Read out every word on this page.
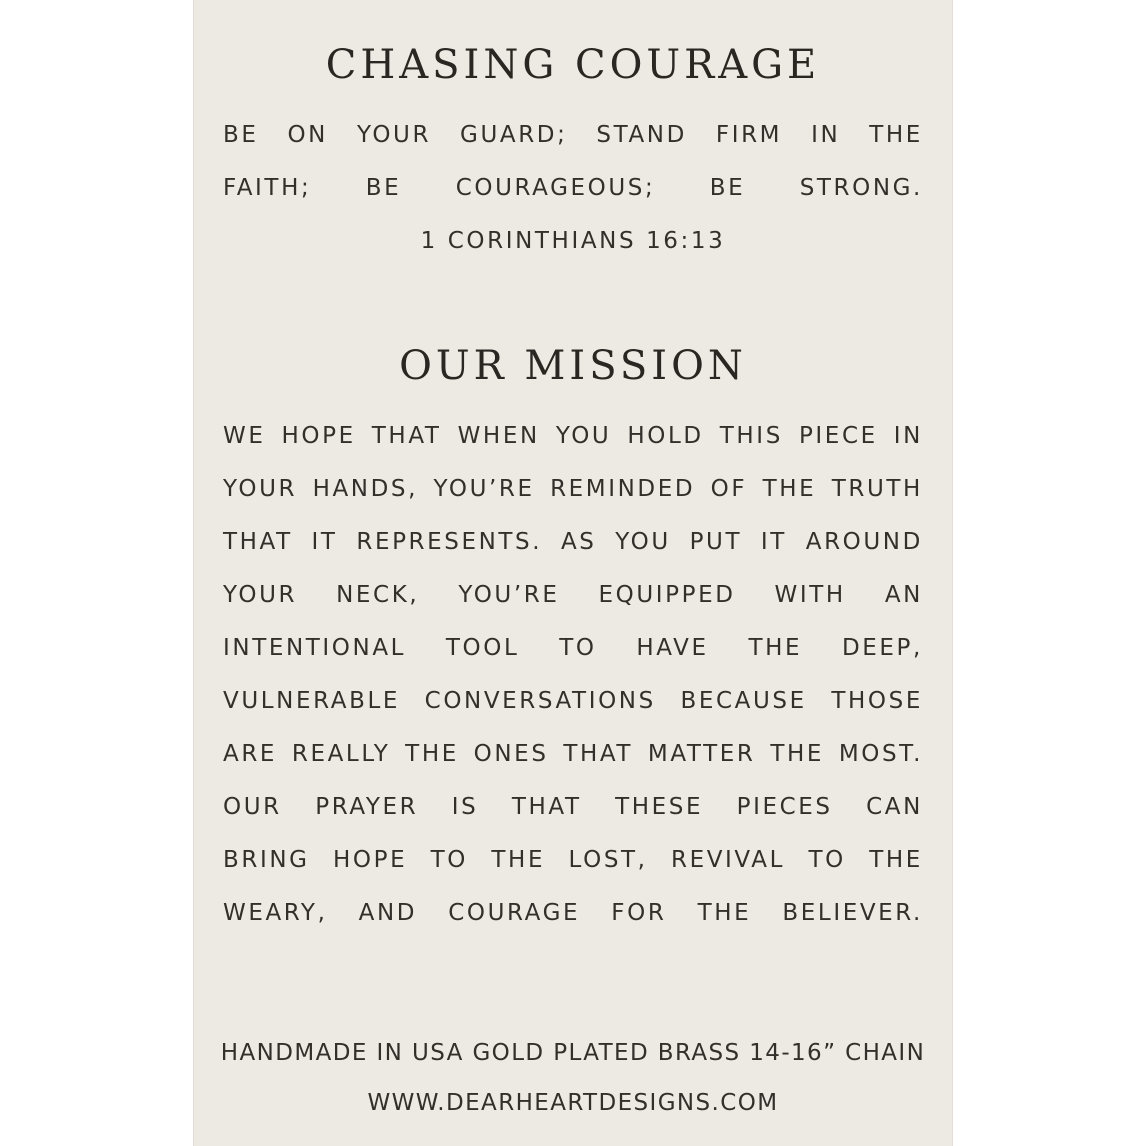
CHASING COURAGE
BE ON YOUR GUARD; STAND FIRM IN THE
FAITH; BE COURAGEOUS; BE STRONG.
1 CORINTHIANS 16:13
OUR MISSION
WE HOPE THAT WHEN YOU HOLD THIS PIECE IN
YOUR HANDS, YOU’RE REMINDED OF THE TRUTH
THAT IT REPRESENTS. AS YOU PUT IT AROUND
YOUR NECK, YOU’RE EQUIPPED WITH AN
INTENTIONAL TOOL TO HAVE THE DEEP,
VULNERABLE CONVERSATIONS BECAUSE THOSE
ARE REALLY THE ONES THAT MATTER THE MOST.
OUR PRAYER IS THAT THESE PIECES CAN
BRING HOPE TO THE LOST, REVIVAL TO THE
WEARY, AND COURAGE FOR THE BELIEVER.
HANDMADE IN USA GOLD PLATED BRASS 14-16” CHAIN
WWW.DEARHEARTDESIGNS.COM
